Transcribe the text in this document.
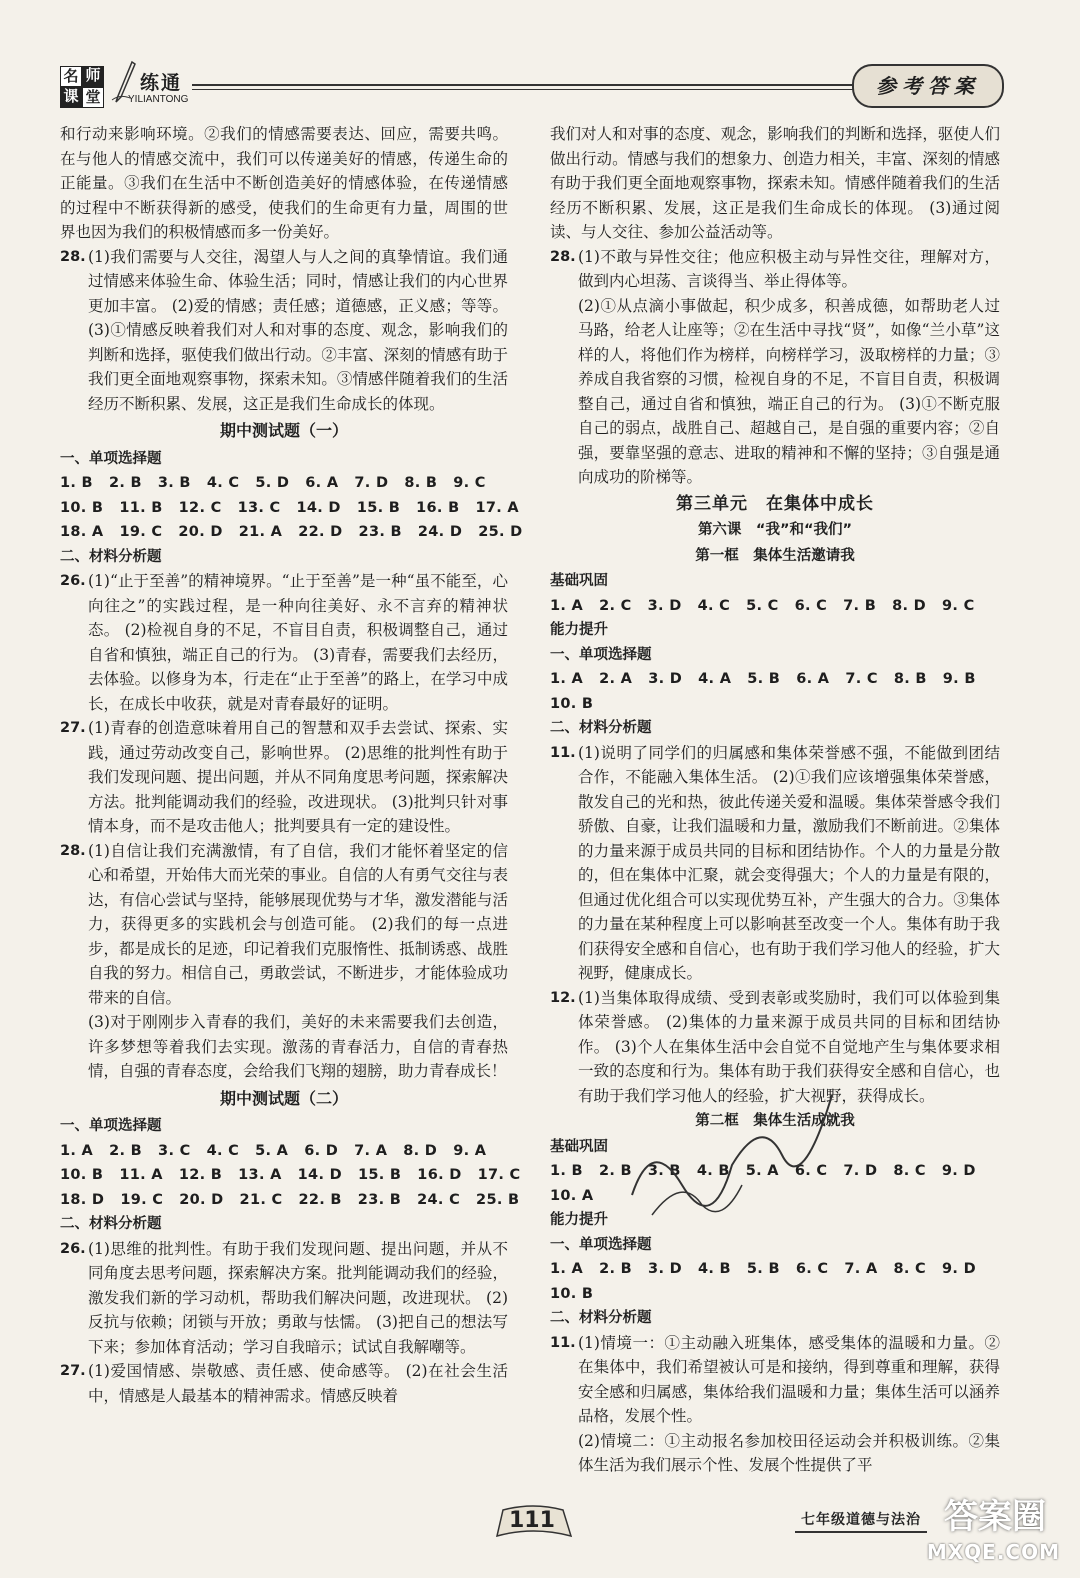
名 师
课 堂
练通
YILIANTONG
参考答案

和行动来影响环境。②我们的情感需要表达、回应，需要共鸣。在与他人的情感交流中，我们可以传递美好的情感，传递生命的正能量。③我们在生活中不断创造美好的情感体验，在传递情感的过程中不断获得新的感受，使我们的生命更有力量，周围的世界也因为我们的积极情感而多一份美好。

28. (1)我们需要与人交往，渴望人与人之间的真挚情谊。我们通过情感来体验生命、体验生活；同时，情感让我们的内心世界更加丰富。 (2)爱的情感；责任感；道德感，正义感；等等。 (3)①情感反映着我们对人和对事的态度、观念，影响我们的判断和选择，驱使我们做出行动。②丰富、深刻的情感有助于我们更全面地观察事物，探索未知。③情感伴随着我们的生活经历不断积累、发展，这正是我们生命成长的体现。
期中测试题（一）

一、单项选择题

1. B   2. B   3. B   4. C   5. D   6. A   7. D   8. B   9. C

10. B   11. B   12. C   13. C   14. D   15. B   16. B   17. A

18. A   19. C   20. D   21. A   22. D   23. B   24. D   25. D

二、材料分析题

26. (1)“止于至善”的精神境界。“止于至善”是一种“虽不能至，心向往之”的实践过程，是一种向往美好、永不言弃的精神状态。 (2)检视自身的不足，不盲目自责，积极调整自己，通过自省和慎独，端正自己的行为。 (3)青春，需要我们去经历，去体验。以修身为本，行走在“止于至善”的路上，在学习中成长，在成长中收获，就是对青春最好的证明。
27. (1)青春的创造意味着用自己的智慧和双手去尝试、探索、实践，通过劳动改变自己，影响世界。 (2)思维的批判性有助于我们发现问题、提出问题，并从不同角度思考问题，探索解决方法。批判能调动我们的经验，改进现状。 (3)批判只针对事情本身，而不是攻击他人；批判要具有一定的建设性。
28. (1)自信让我们充满激情，有了自信，我们才能怀着坚定的信心和希望，开始伟大而光荣的事业。自信的人有勇气交往与表达，有信心尝试与坚持，能够展现优势与才华，激发潜能与活力，获得更多的实践机会与创造可能。 (2)我们的每一点进步，都是成长的足迹，印记着我们克服惰性、抵制诱惑、战胜自我的努力。相信自己，勇敢尝试，不断进步，才能体验成功带来的自信。
(3)对于刚刚步入青春的我们，美好的未来需要我们去创造，许多梦想等着我们去实现。激荡的青春活力，自信的青春热情，自强的青春态度，会给我们飞翔的翅膀，助力青春成长！
期中测试题（二）

一、单项选择题

1. A   2. B   3. C   4. C   5. A   6. D   7. A   8. D   9. A

10. B   11. A   12. B   13. A   14. D   15. B   16. D   17. C

18. D   19. C   20. D   21. C   22. B   23. B   24. C   25. B

二、材料分析题

26. (1)思维的批判性。有助于我们发现问题、提出问题，并从不同角度去思考问题，探索解决方案。批判能调动我们的经验，激发我们新的学习动机，帮助我们解决问题，改进现状。 (2)反抗与依赖；闭锁与开放；勇敢与怯懦。 (3)把自己的想法写下来；参加体育活动；学习自我暗示；试试自我解嘲等。
27. (1)爱国情感、崇敬感、责任感、使命感等。 (2)在社会生活中，情感是人最基本的精神需求。情感反映着

我们对人和对事的态度、观念，影响我们的判断和选择，驱使人们做出行动。情感与我们的想象力、创造力相关，丰富、深刻的情感有助于我们更全面地观察事物，探索未知。情感伴随着我们的生活经历不断积累、发展，这正是我们生命成长的体现。 (3)通过阅读、与人交往、参加公益活动等。

28. (1)不敢与异性交往；他应积极主动与异性交往，理解对方，做到内心坦荡、言谈得当、举止得体等。
(2)①从点滴小事做起，积少成多，积善成德，如帮助老人过马路，给老人让座等；②在生活中寻找“贤”，如像“兰小草”这样的人，将他们作为榜样，向榜样学习，汲取榜样的力量；③养成自我省察的习惯，检视自身的不足，不盲目自责，积极调整自己，通过自省和慎独，端正自己的行为。 (3)①不断克服自己的弱点，战胜自己、超越自己，是自强的重要内容；②自强，要靠坚强的意志、进取的精神和不懈的坚持；③自强是通向成功的阶梯等。
第三单元　在集体中成长
第六课　“我”和“我们”
第一框　集体生活邀请我

基础巩固

1. A   2. C   3. D   4. C   5. C   6. C   7. B   8. D   9. C

能力提升

一、单项选择题

1. A   2. A   3. D   4. A   5. B   6. A   7. C   8. B   9. B

10. B

二、材料分析题

11. (1)说明了同学们的归属感和集体荣誉感不强，不能做到团结合作，不能融入集体生活。 (2)①我们应该增强集体荣誉感，散发自己的光和热，彼此传递关爱和温暖。集体荣誉感令我们骄傲、自豪，让我们温暖和力量，激励我们不断前进。②集体的力量来源于成员共同的目标和团结协作。个人的力量是分散的，但在集体中汇聚，就会变得强大；个人的力量是有限的，但通过优化组合可以实现优势互补，产生强大的合力。③集体的力量在某种程度上可以影响甚至改变一个人。集体有助于我们获得安全感和自信心，也有助于我们学习他人的经验，扩大视野，健康成长。
12. (1)当集体取得成绩、受到表彰或奖励时，我们可以体验到集体荣誉感。 (2)集体的力量来源于成员共同的目标和团结协作。 (3)个人在集体生活中会自觉不自觉地产生与集体要求相一致的态度和行为。集体有助于我们获得安全感和自信心，也有助于我们学习他人的经验，扩大视野，获得成长。
第二框　集体生活成就我

基础巩固

1. B   2. B   3. B   4. B   5. A   6. C   7. D   8. C   9. D

10. A

能力提升

一、单项选择题

1. A   2. B   3. D   4. B   5. B   6. C   7. A   8. C   9. D

10. B

二、材料分析题

11. (1)情境一：①主动融入班集体，感受集体的温暖和力量。②在集体中，我们希望被认可是和接纳，得到尊重和理解，获得安全感和归属感，集体给我们温暖和力量；集体生活可以涵养品格，发展个性。
(2)情境二：①主动报名参加校田径运动会并积极训练。②集体生活为我们展示个性、发展个性提供了平
111	七年级道德与法治 答案圈
MXQE.COM
